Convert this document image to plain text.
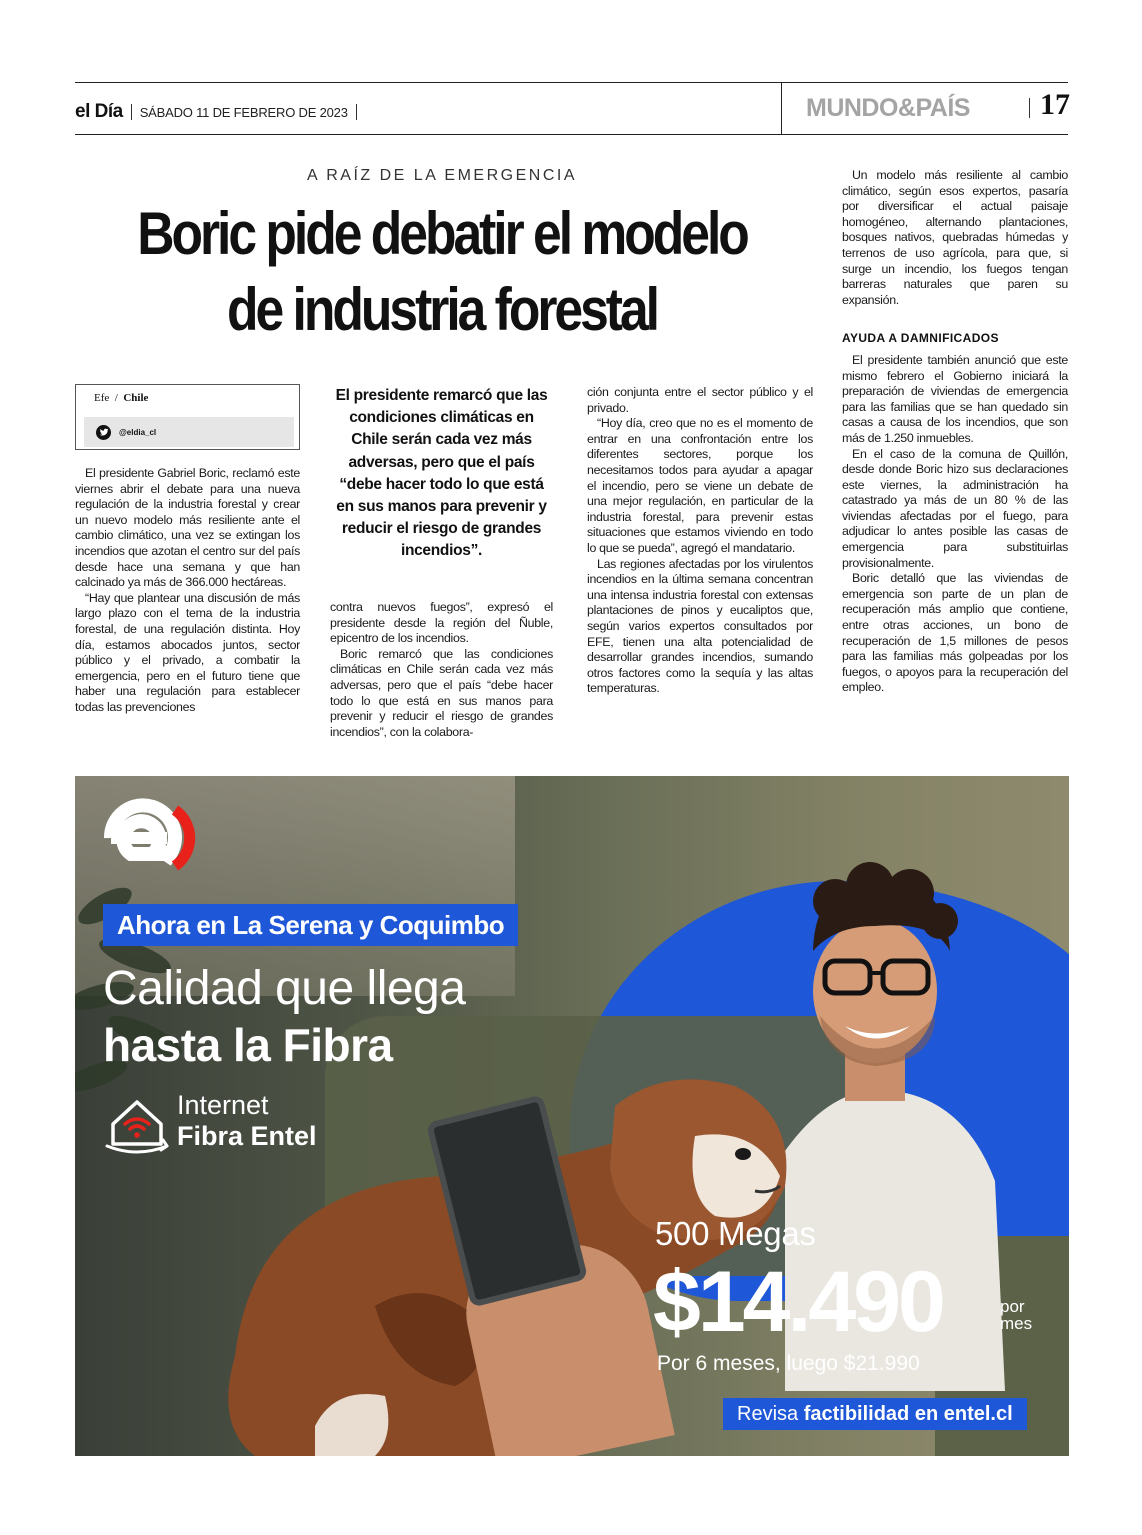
el Día SÁBADO 11 DE FEBRERO DE 2023	MUNDO&PAÍS 17
A RAÍZ DE LA EMERGENCIA
Boric pide debatir el modelo de industria forestal
Efe  /  Chile
@eldia_cl

El presidente Gabriel Boric, reclamó este viernes abrir el debate para una nueva regulación de la industria forestal y crear un nuevo modelo más resiliente ante el cambio climático, una vez se extingan los incendios que azotan el centro sur del país desde hace una semana y que han calcinado ya más de 366.000 hectáreas.

“Hay que plantear una discusión de más largo plazo con el tema de la industria forestal, de una regulación distinta. Hoy día, estamos abocados juntos, sector público y el privado, a combatir la emergencia, pero en el futuro tiene que haber una regulación para establecer todas las prevenciones

El presidente remarcó que las condiciones climáticas en Chile serán cada vez más adversas, pero que el país “debe hacer todo lo que está en sus manos para prevenir y reducir el riesgo de grandes incendios”.

contra nuevos fuegos”, expresó el presidente desde la región del Ñuble, epicentro de los incendios.

Boric remarcó que las condiciones climáticas en Chile serán cada vez más adversas, pero que el país “debe hacer todo lo que está en sus manos para prevenir y reducir el riesgo de grandes incendios”, con la colabora-

ción conjunta entre el sector público y el privado.

“Hoy día, creo que no es el momento de entrar en una confrontación entre los diferentes sectores, porque los necesitamos todos para ayudar a apagar el incendio, pero se viene un debate de una mejor regulación, en particular de la industria forestal, para prevenir estas situaciones que estamos viviendo en todo lo que se pueda”, agregó el mandatario.

Las regiones afectadas por los virulentos incendios en la última semana concentran una intensa industria forestal con extensas plantaciones de pinos y eucaliptos que, según varios expertos consultados por EFE, tienen una alta potencialidad de desarrollar grandes incendios, sumando otros factores como la sequía y las altas temperaturas.

Un modelo más resiliente al cambio climático, según esos expertos, pasaría por diversificar el actual paisaje homogéneo, alternando plantaciones, bosques nativos, quebradas húmedas y terrenos de uso agrícola, para que, si surge un incendio, los fuegos tengan barreras naturales que paren su expansión.

AYUDA A DAMNIFICADOS

El presidente también anunció que este mismo febrero el Gobierno iniciará la preparación de viviendas de emergencia para las familias que se han quedado sin casas a causa de los incendios, que son más de 1.250 inmuebles.

En el caso de la comuna de Quillón, desde donde Boric hizo sus declaraciones este viernes, la administración ha catastrado ya más de un 80 % de las viviendas afectadas por el fuego, para adjudicar lo antes posible las casas de emergencia para substituirlas provisionalmente.

Boric detalló que las viviendas de emergencia son parte de un plan de recuperación más amplio que contiene, entre otras acciones, un bono de recuperación de 1,5 millones de pesos para las familias más golpeadas por los fuegos, o apoyos para la recuperación del empleo.

Ahora en La Serena y Coquimbo
Calidad que llega
hasta la Fibra
Internet
Fibra Entel
500 Megas
$14.490	por mes
Por 6 meses, luego $21.990
Revisa factibilidad en entel.cl
